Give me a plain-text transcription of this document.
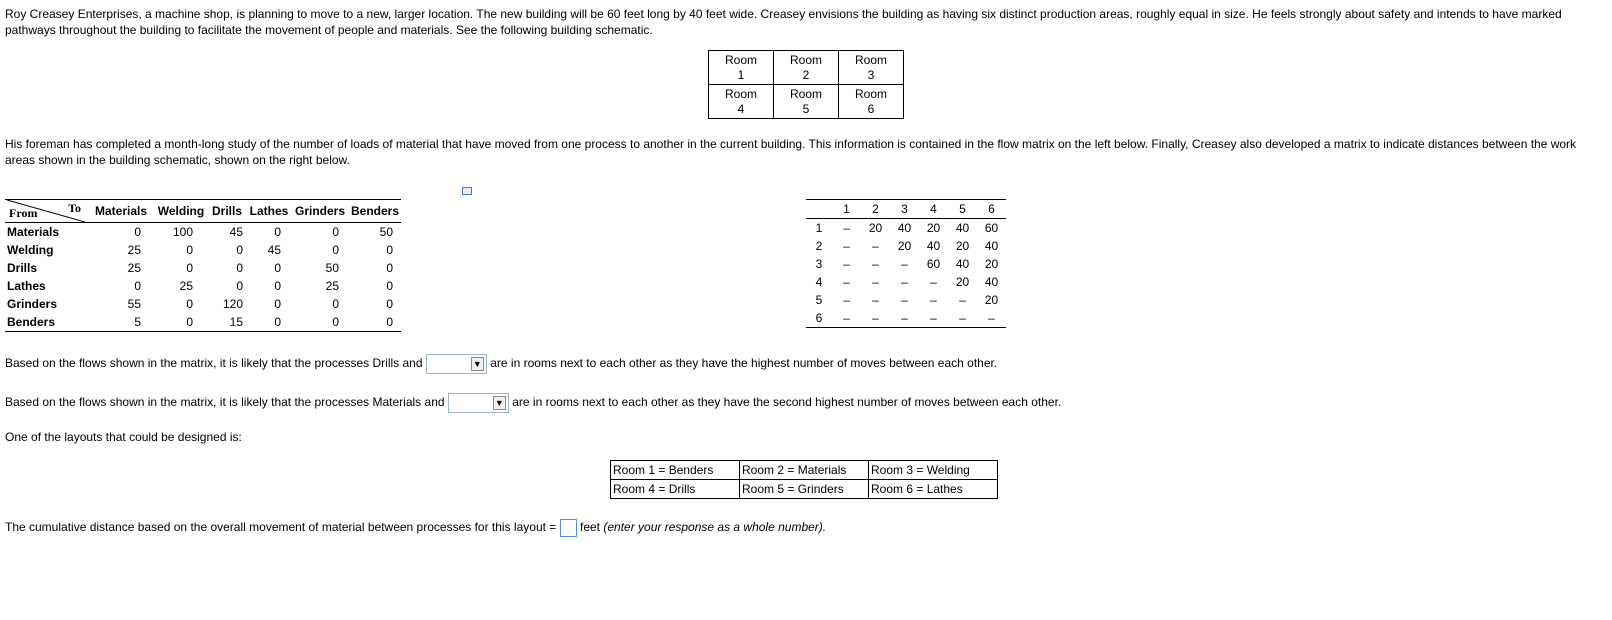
Roy Creasey Enterprises, a machine shop, is planning to move to a new, larger location. The new building will be 60 feet long by 40 feet wide. Creasey envisions the building as having six distinct production areas, roughly equal in size. He feels strongly about safety and intends to have marked pathways throughout the building to facilitate the movement of people and materials. See the following building schematic.
Room 1	Room 2	Room 3
Room 4	Room 5	Room 6
His foreman has completed a month-long study of the number of loads of material that have moved from one process to another in the current building. This information is contained in the flow matrix on the left below. Finally, Creasey also developed a matrix to indicate distances between the work areas shown in the building schematic, shown on the right below.
From To	Materials	Welding	Drills	Lathes	Grinders	Benders
Materials	0	100	45	0	0	50
Welding	25	0	0	45	0	0
Drills	25	0	0	0	50	0
Lathes	0	25	0	0	25	0
Grinders	55	0	120	0	0	0
Benders	5	0	15	0	0	0
	1	2	3	4	5	6
1	–	20	40	20	40	60
2	–	–	20	40	20	40
3	–	–	–	60	40	20
4	–	–	–	–	20	40
5	–	–	–	–	–	20
6	–	–	–	–	–	–
Based on the flows shown in the matrix, it is likely that the processes Drills and	▼ are in rooms next to each other as they have the highest number of moves between each other.
Based on the flows shown in the matrix, it is likely that the processes Materials and	▼ are in rooms next to each other as they have the second highest number of moves between each other.
One of the layouts that could be designed is:
Room 1 = Benders	Room 2 = Materials	Room 3 = Welding
Room 4 = Drills	Room 5 = Grinders	Room 6 = Lathes
The cumulative distance based on the overall movement of material between processes for this layout = feet (enter your response as a whole number).
